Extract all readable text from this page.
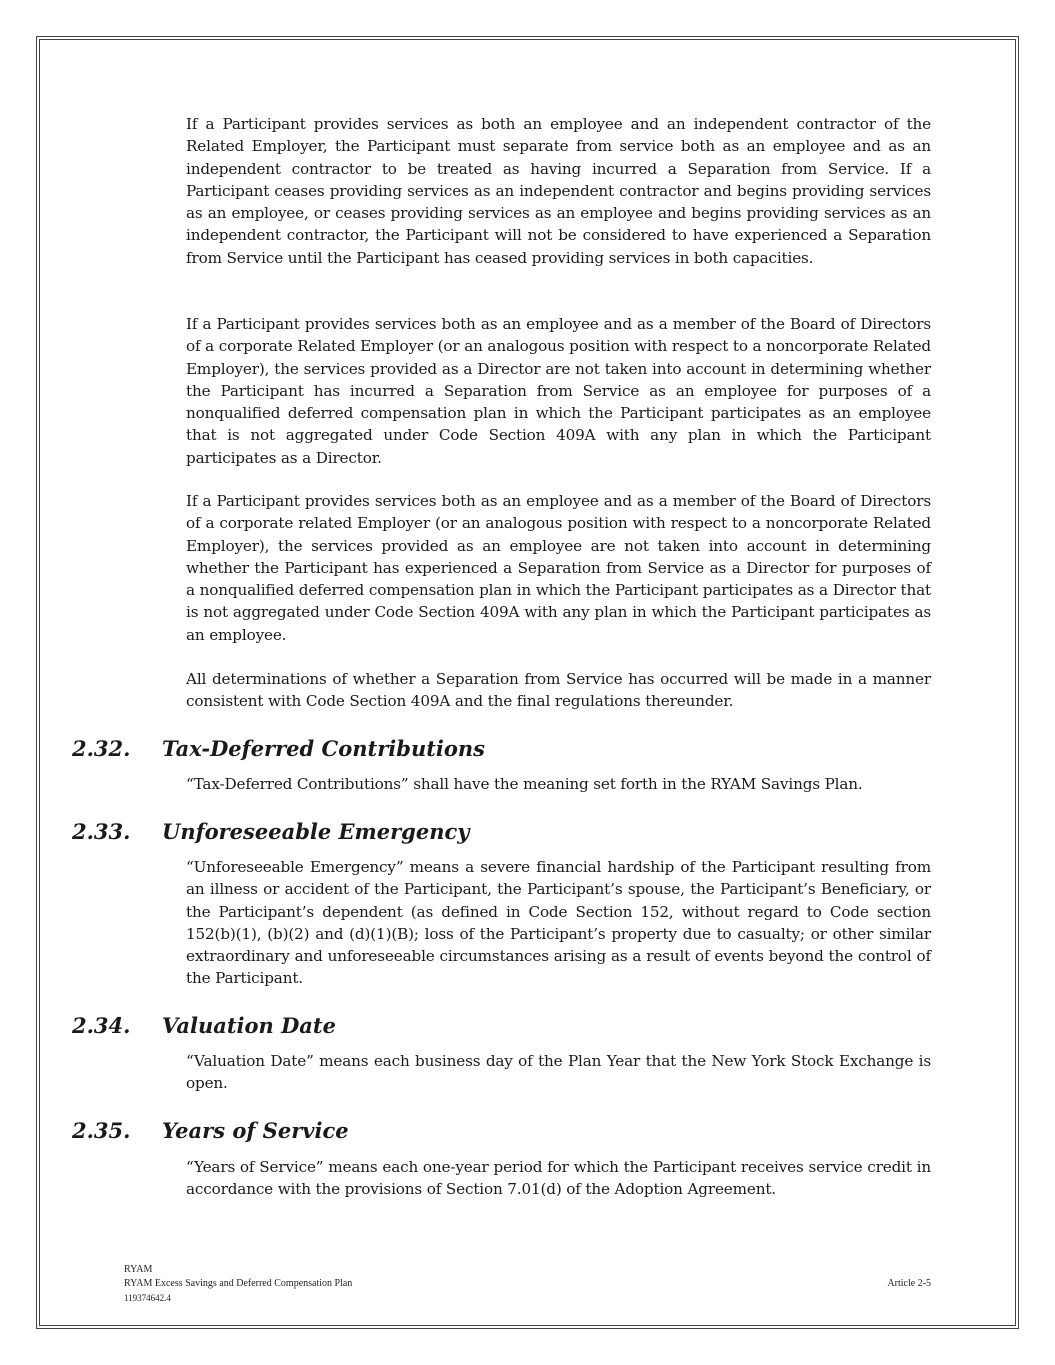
If a Participant provides services as both an employee and an independent contractor of the Related Employer, the Participant must separate from service both as an employee and as an independent contractor to be treated as having incurred a Separation from Service. If a Participant ceases providing services as an independent contractor and begins providing services as an employee, or ceases providing services as an employee and begins providing services as an independent contractor, the Participant will not be considered to have experienced a Separation from Service until the Participant has ceased providing services in both capacities.

If a Participant provides services both as an employee and as a member of the Board of Directors of a corporate Related Employer (or an analogous position with respect to a noncorporate Related Employer), the services provided as a Director are not taken into account in determining whether the Participant has incurred a Separation from Service as an employee for purposes of a nonqualified deferred compensation plan in which the Participant participates as an employee that is not aggregated under Code Section 409A with any plan in which the Participant participates as a Director.

If a Participant provides services both as an employee and as a member of the Board of Directors of a corporate related Employer (or an analogous position with respect to a noncorporate Related Employer), the services provided as an employee are not taken into account in determining whether the Participant has experienced a Separation from Service as a Director for purposes of a nonqualified deferred compensation plan in which the Participant participates as a Director that is not aggregated under Code Section 409A with any plan in which the Participant participates as an employee.

All determinations of whether a Separation from Service has occurred will be made in a manner consistent with Code Section 409A and the final regulations thereunder.

2.32. Tax-Deferred Contributions

“Tax-Deferred Contributions” shall have the meaning set forth in the RYAM Savings Plan.

2.33. Unforeseeable Emergency

“Unforeseeable Emergency” means a severe financial hardship of the Participant resulting from an illness or accident of the Participant, the Participant’s spouse, the Participant’s Beneficiary, or the Participant’s dependent (as defined in Code Section 152, without regard to Code section 152(b)(1), (b)(2) and (d)(1)(B); loss of the Participant’s property due to casualty; or other similar extraordinary and unforeseeable circumstances arising as a result of events beyond the control of the Participant.

2.34. Valuation Date

“Valuation Date” means each business day of the Plan Year that the New York Stock Exchange is open.

2.35. Years of Service

“Years of Service” means each one-year period for which the Participant receives service credit in accordance with the provisions of Section 7.01(d) of the Adoption Agreement.

RYAM
RYAM Excess Savings and Deferred Compensation Plan
119374642.4
Article 2-5
